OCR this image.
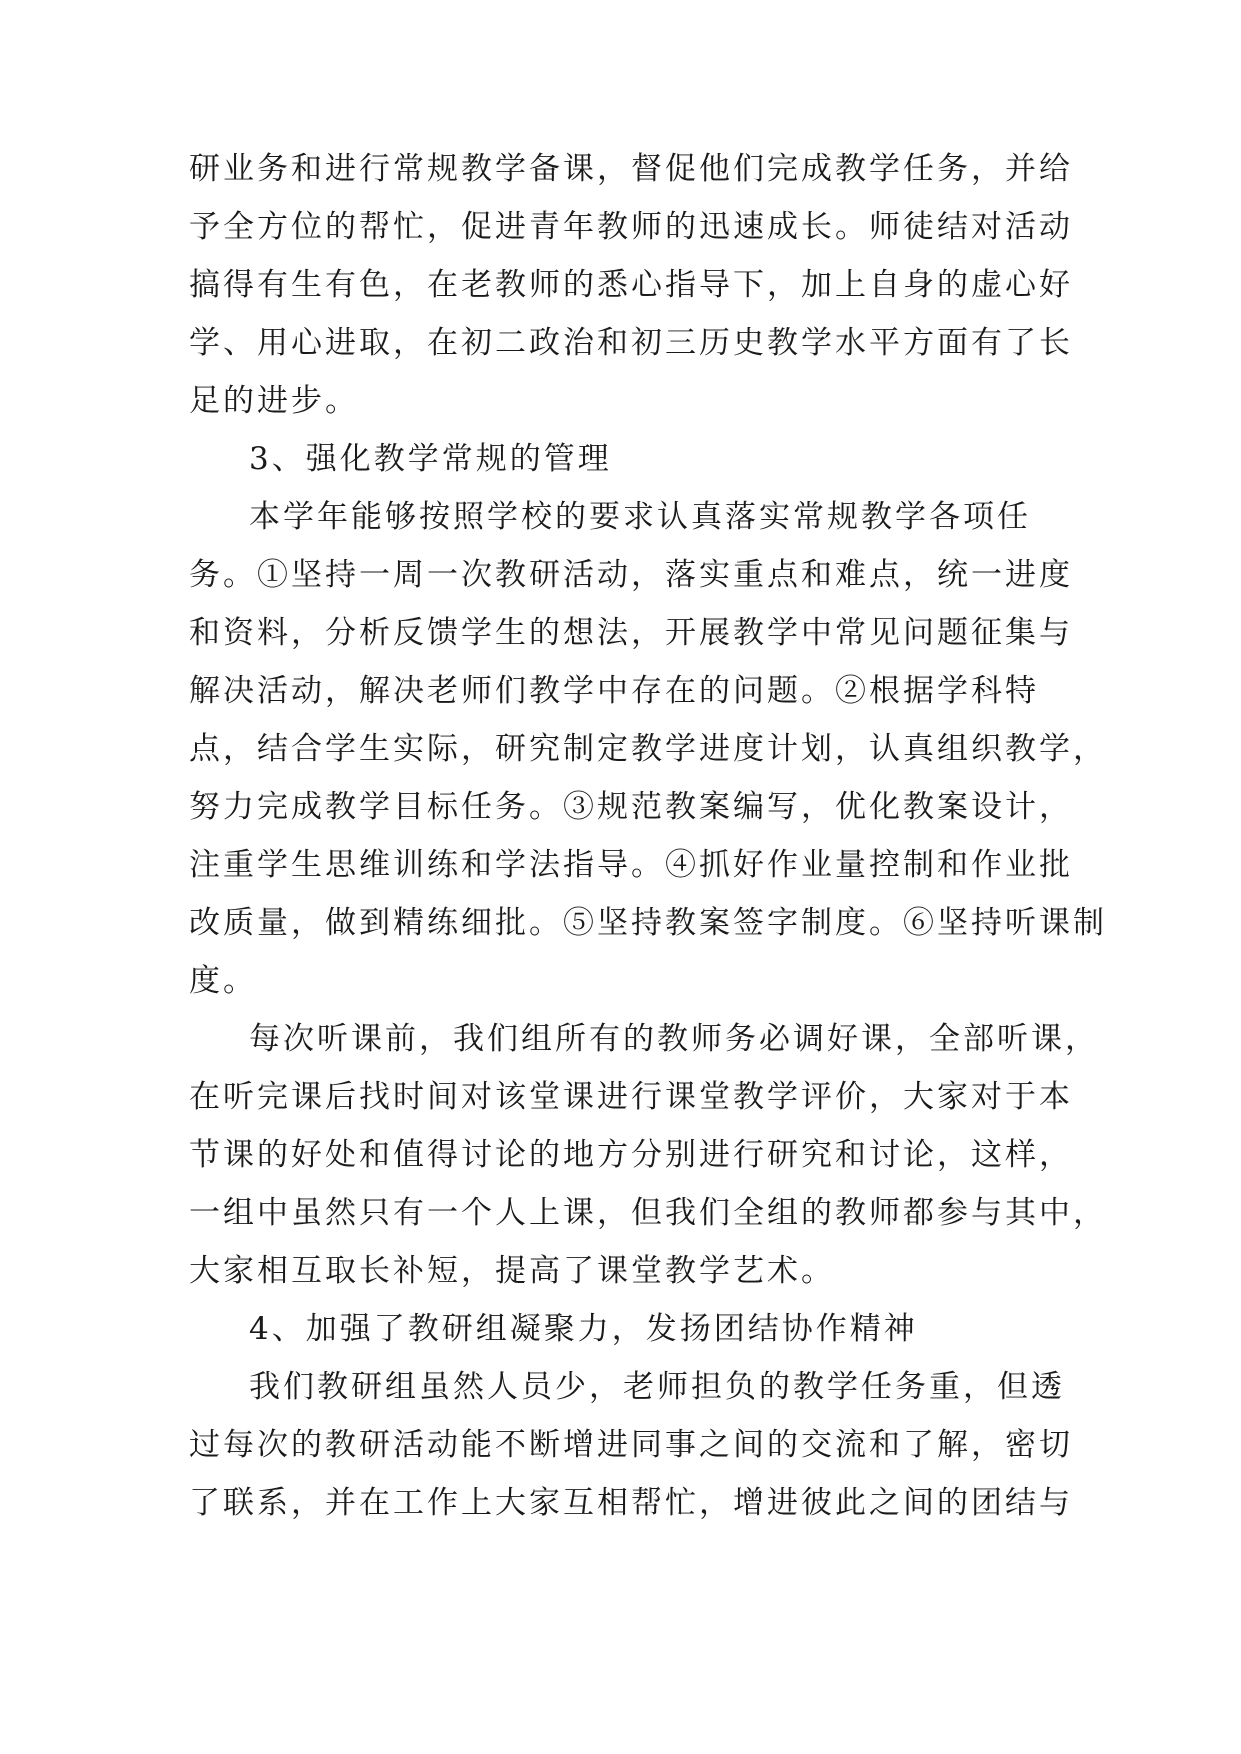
研业务和进行常规教学备课，督促他们完成教学任务，并给
予全方位的帮忙，促进青年教师的迅速成长。师徒结对活动
搞得有生有色，在老教师的悉心指导下，加上自身的虚心好
学、用心进取，在初二政治和初三历史教学水平方面有了长
足的进步。
3、强化教学常规的管理
本学年能够按照学校的要求认真落实常规教学各项任
务。①坚持一周一次教研活动，落实重点和难点，统一进度
和资料，分析反馈学生的想法，开展教学中常见问题征集与
解决活动，解决老师们教学中存在的问题。②根据学科特
点，结合学生实际，研究制定教学进度计划，认真组织教学，
努力完成教学目标任务。③规范教案编写，优化教案设计，
注重学生思维训练和学法指导。④抓好作业量控制和作业批
改质量，做到精练细批。⑤坚持教案签字制度。⑥坚持听课制
度。
每次听课前，我们组所有的教师务必调好课，全部听课，
在听完课后找时间对该堂课进行课堂教学评价，大家对于本
节课的好处和值得讨论的地方分别进行研究和讨论，这样，
一组中虽然只有一个人上课，但我们全组的教师都参与其中，
大家相互取长补短，提高了课堂教学艺术。
4、加强了教研组凝聚力，发扬团结协作精神
我们教研组虽然人员少，老师担负的教学任务重，但透
过每次的教研活动能不断增进同事之间的交流和了解，密切
了联系，并在工作上大家互相帮忙，增进彼此之间的团结与
